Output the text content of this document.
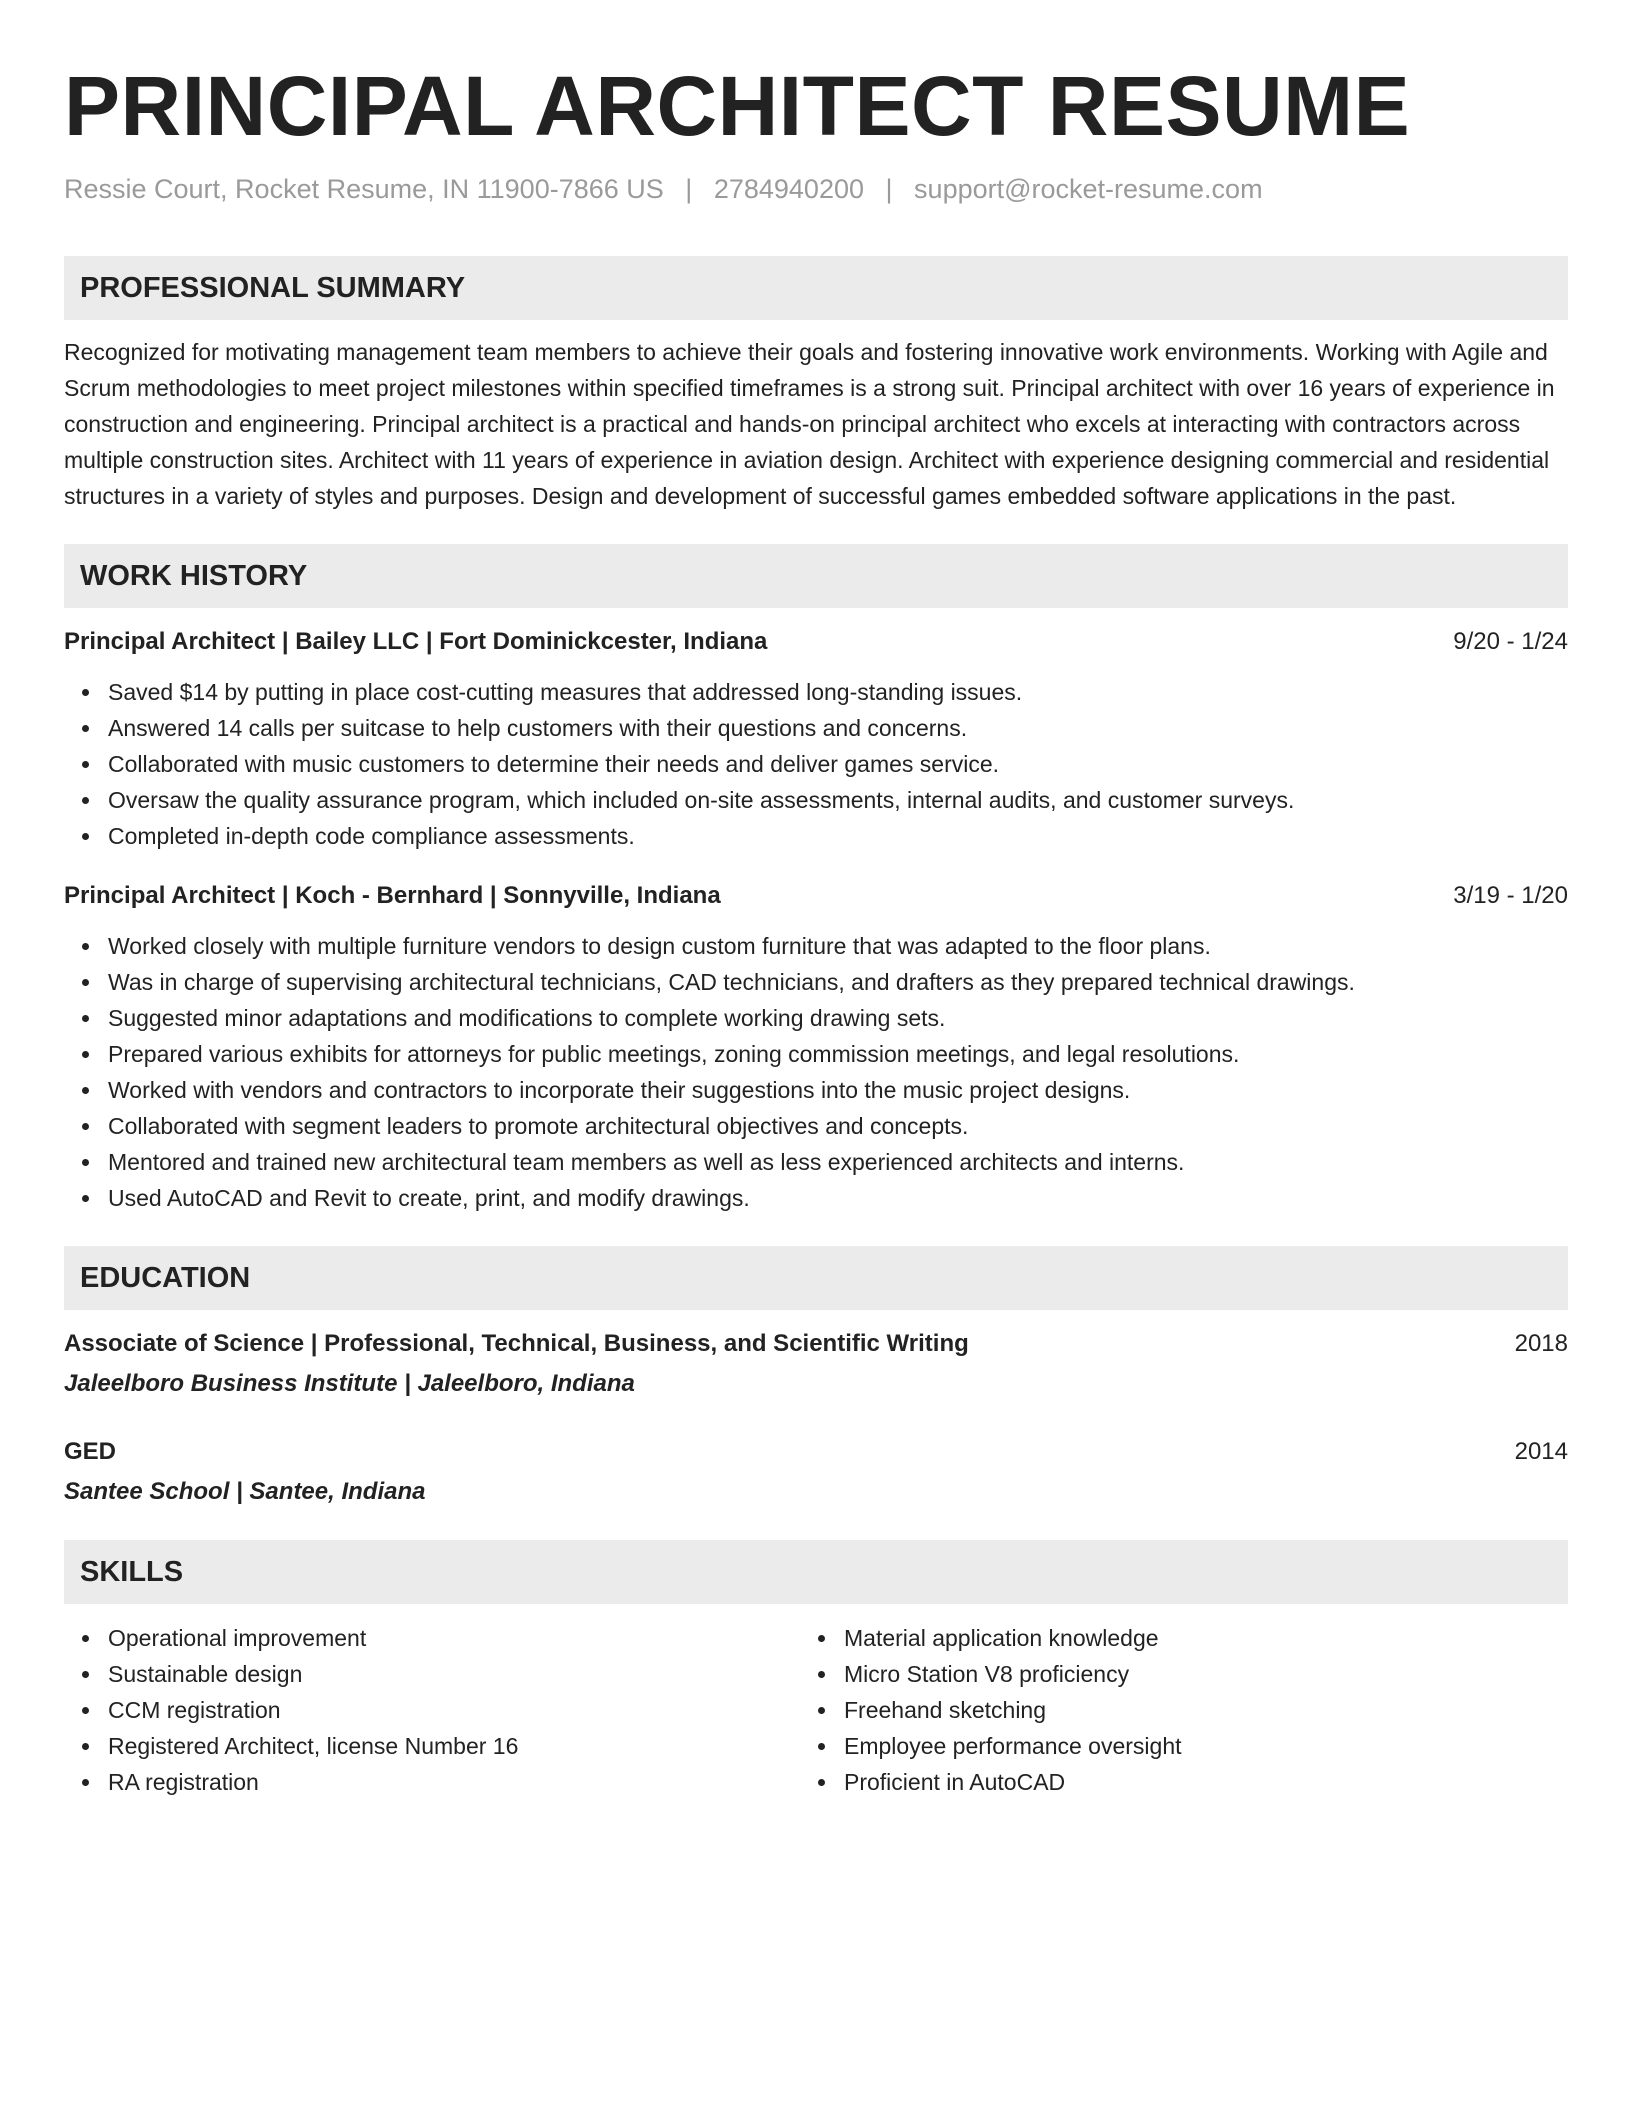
PRINCIPAL ARCHITECT RESUME
Ressie Court, Rocket Resume, IN 11900-7866 US | 2784940200 | support@rocket-resume.com
PROFESSIONAL SUMMARY

Recognized for motivating management team members to achieve their goals and fostering innovative work environments. Working with Agile and Scrum methodologies to meet project milestones within specified timeframes is a strong suit. Principal architect with over 16 years of experience in construction and engineering. Principal architect is a practical and hands-on principal architect who excels at interacting with contractors across multiple construction sites. Architect with 11 years of experience in aviation design. Architect with experience designing commercial and residential structures in a variety of styles and purposes. Design and development of successful games embedded software applications in the past.

WORK HISTORY
Principal Architect | Bailey LLC | Fort Dominickcester, Indiana	9/20 - 1/24
Saved $14 by putting in place cost-cutting measures that addressed long-standing issues.
Answered 14 calls per suitcase to help customers with their questions and concerns.
Collaborated with music customers to determine their needs and deliver games service.
Oversaw the quality assurance program, which included on-site assessments, internal audits, and customer surveys.
Completed in-depth code compliance assessments.
Principal Architect | Koch - Bernhard | Sonnyville, Indiana	3/19 - 1/20
Worked closely with multiple furniture vendors to design custom furniture that was adapted to the floor plans.
Was in charge of supervising architectural technicians, CAD technicians, and drafters as they prepared technical drawings.
Suggested minor adaptations and modifications to complete working drawing sets.
Prepared various exhibits for attorneys for public meetings, zoning commission meetings, and legal resolutions.
Worked with vendors and contractors to incorporate their suggestions into the music project designs.
Collaborated with segment leaders to promote architectural objectives and concepts.
Mentored and trained new architectural team members as well as less experienced architects and interns.
Used AutoCAD and Revit to create, print, and modify drawings.
EDUCATION
Associate of Science | Professional, Technical, Business, and Scientific Writing	2018
Jaleelboro Business Institute | Jaleelboro, Indiana
GED	2014
Santee School | Santee, Indiana
SKILLS
Operational improvement
Sustainable design
CCM registration
Registered Architect, license Number 16
RA registration
Material application knowledge
Micro Station V8 proficiency
Freehand sketching
Employee performance oversight
Proficient in AutoCAD
